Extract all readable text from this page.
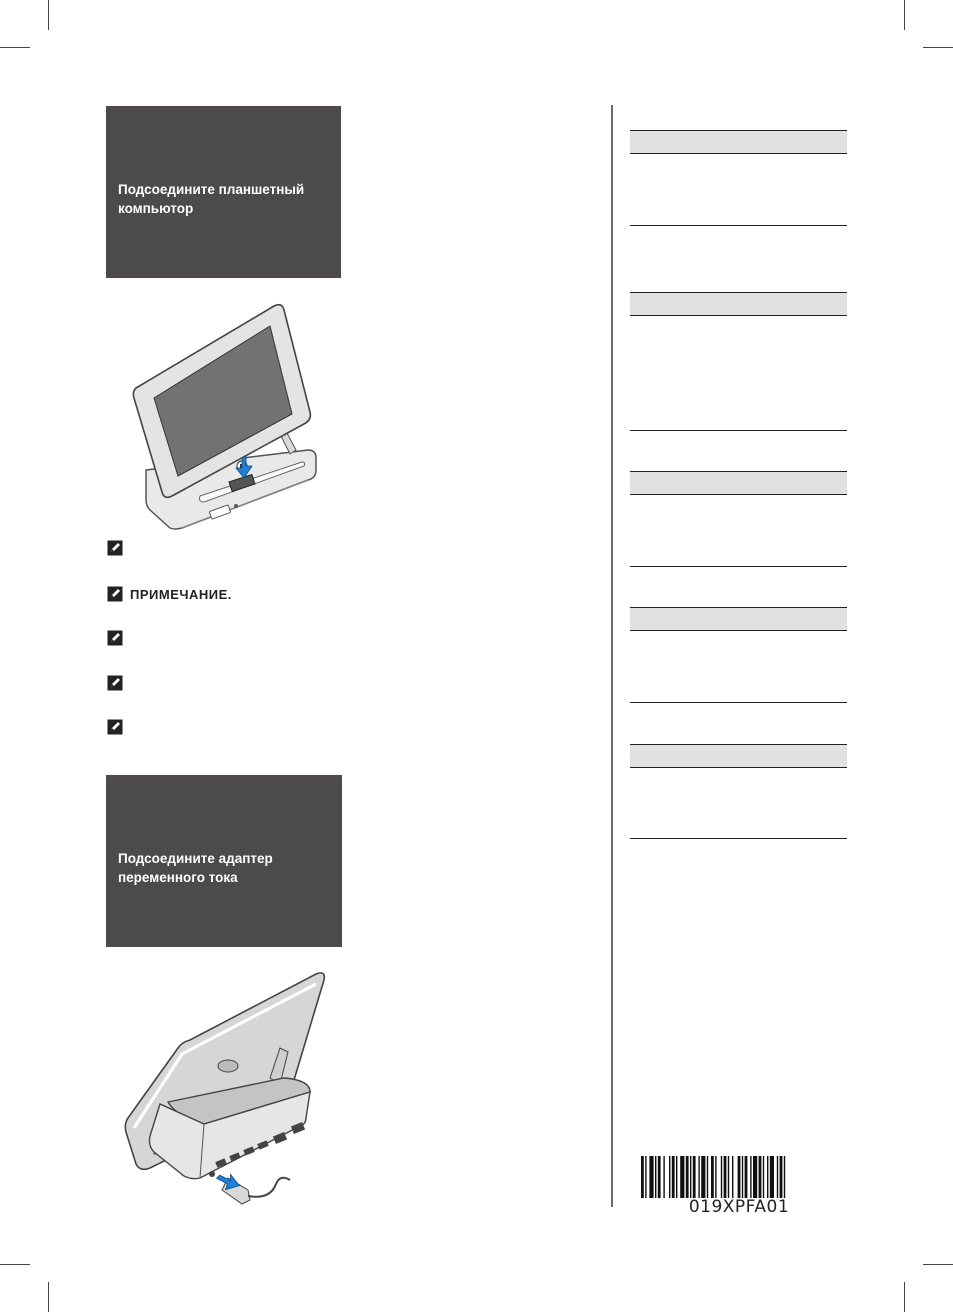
Подсоедините планшетный
компьютор
ПРИМЕЧАНИЕ.
Подсоедините адаптер
переменного тока
019XPFA01
